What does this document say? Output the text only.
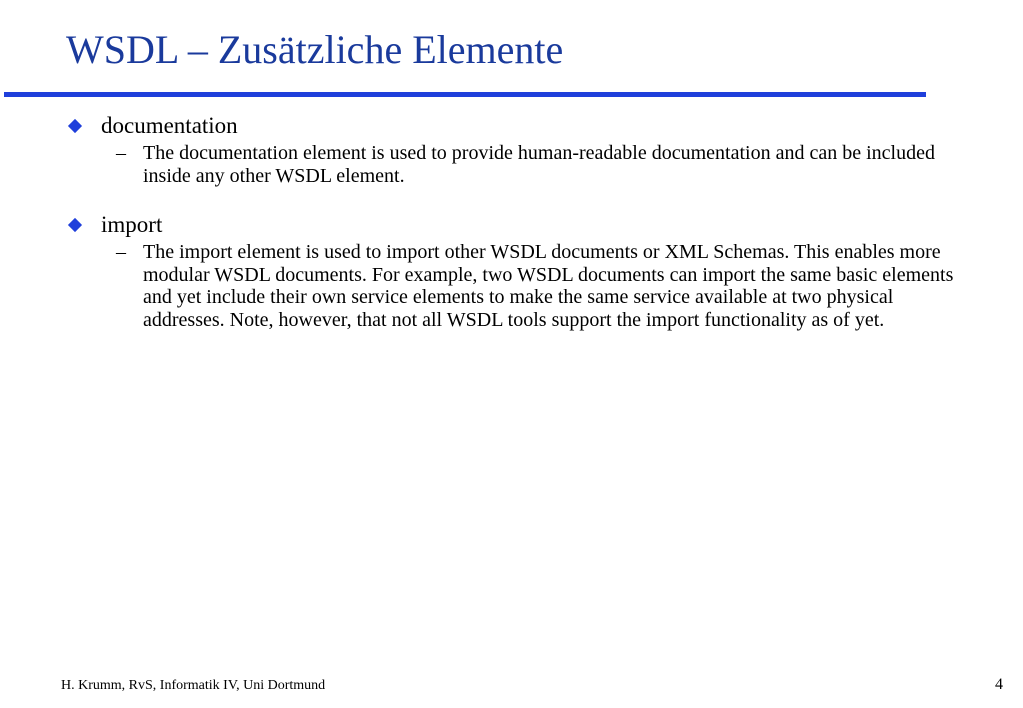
WSDL – Zusätzliche Elemente
documentation
– The documentation element is used to provide human-readable documentation and can be included inside any other WSDL element.
import
– The import element is used to import other WSDL documents or XML Schemas. This enables more modular WSDL documents. For example, two WSDL documents can import the same basic elements and yet include their own service elements to make the same service available at two physical addresses. Note, however, that not all WSDL tools support the import functionality as of yet.
H. Krumm, RvS, Informatik IV, Uni Dortmund	4
